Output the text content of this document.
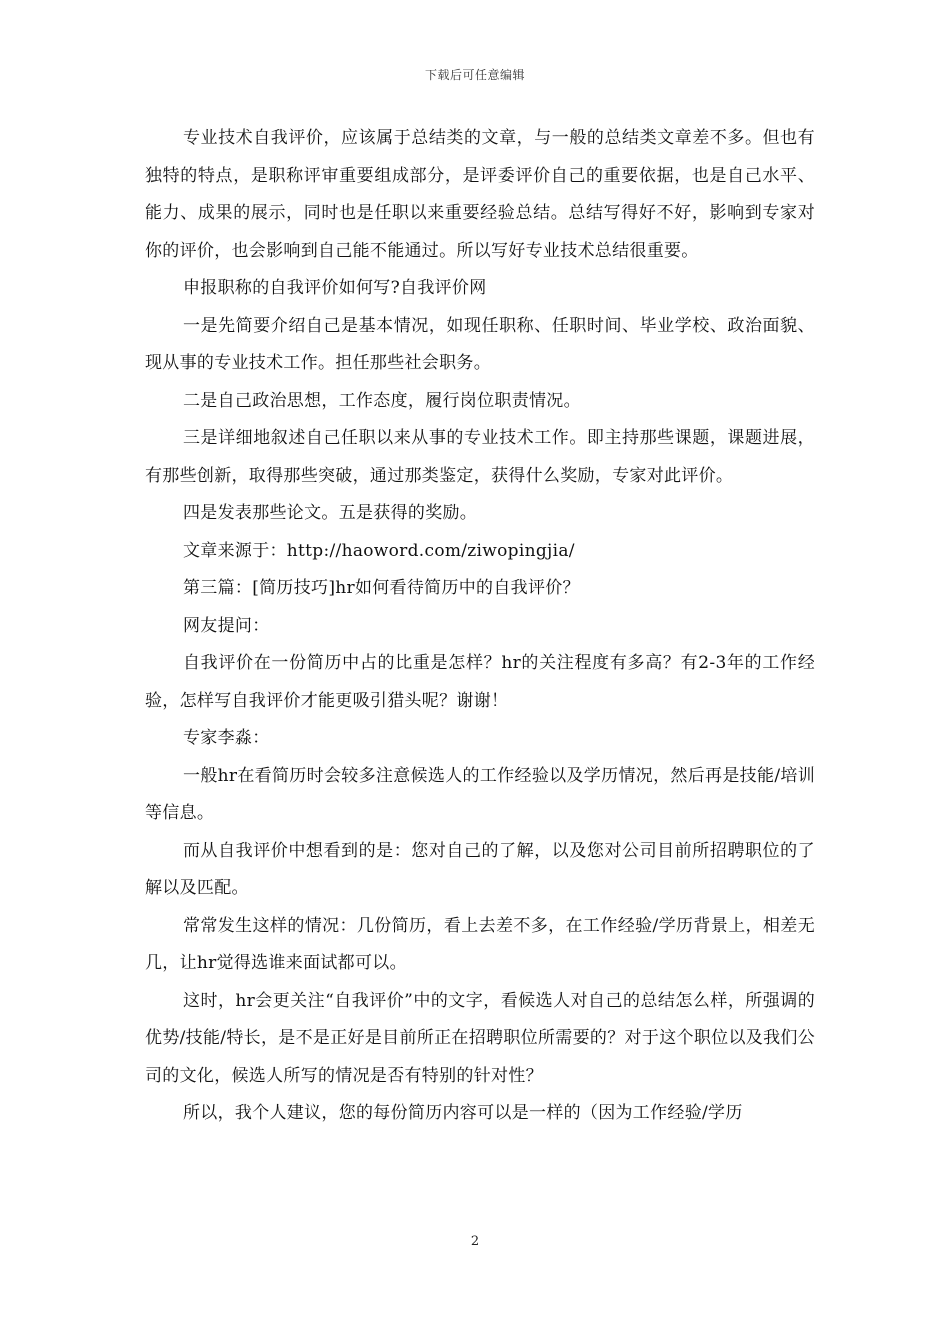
下载后可任意编辑

专业技术自我评价，应该属于总结类的文章，与一般的总结类文章差不多。但也有独特的特点，是职称评审重要组成部分，是评委评价自己的重要依据，也是自己水平、能力、成果的展示，同时也是任职以来重要经验总结。总结写得好不好，影响到专家对你的评价，也会影响到自己能不能通过。所以写好专业技术总结很重要。

申报职称的自我评价如何写?自我评价网

一是先简要介绍自己是基本情况，如现任职称、任职时间、毕业学校、政治面貌、现从事的专业技术工作。担任那些社会职务。

二是自己政治思想，工作态度，履行岗位职责情况。

三是详细地叙述自己任职以来从事的专业技术工作。即主持那些课题，课题进展，有那些创新，取得那些突破，通过那类鉴定，获得什么奖励，专家对此评价。

四是发表那些论文。五是获得的奖励。

文章来源于：http://haoword.com/ziwopingjia/

第三篇：[简历技巧]hr如何看待简历中的自我评价？

网友提问：

自我评价在一份简历中占的比重是怎样？hr的关注程度有多高？有2-3年的工作经验，怎样写自我评价才能更吸引猎头呢？谢谢！

专家李淼：

一般hr在看简历时会较多注意候选人的工作经验以及学历情况，然后再是技能/培训等信息。

而从自我评价中想看到的是：您对自己的了解，以及您对公司目前所招聘职位的了解以及匹配。

常常发生这样的情况：几份简历，看上去差不多，在工作经验/学历背景上，相差无几，让hr觉得选谁来面试都可以。

这时，hr会更关注“自我评价”中的文字，看候选人对自己的总结怎么样，所强调的优势/技能/特长，是不是正好是目前所正在招聘职位所需要的？对于这个职位以及我们公司的文化，候选人所写的情况是否有特别的针对性？

所以，我个人建议，您的每份简历内容可以是一样的（因为工作经验/学历

2
